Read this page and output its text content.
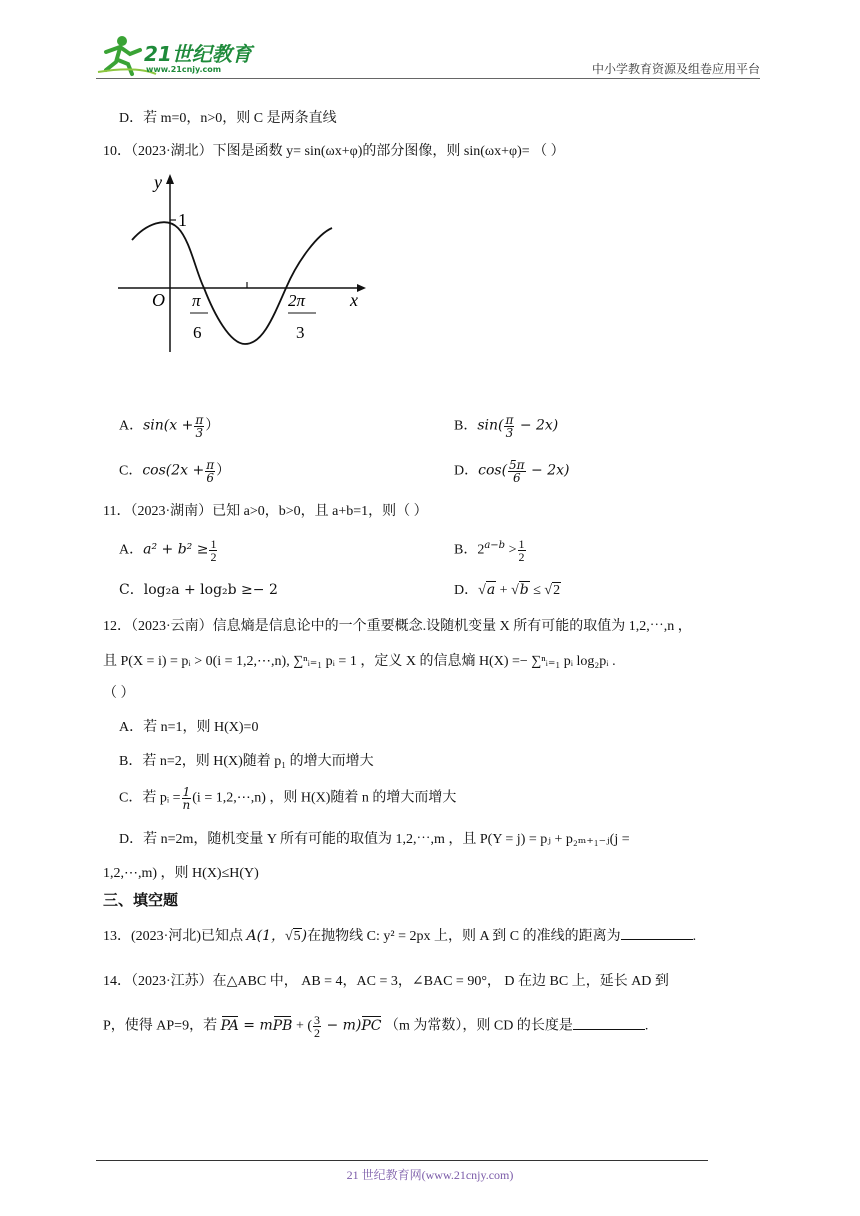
21世纪教育
www.21cnjy.com	中小学教育资源及组卷应用平台
D．若 m=0，n>0，则 C 是两条直线
10．（2023·湖北）下图是函数 y= sin(ωx+φ)的部分图像，则 sin(ωx+φ)= （ ）
y
x
O
1
π
6
2π
3
A．$\sin(x + \frac{\pi}{3}$ ）	B．$\sin( \frac{\pi}{3} - 2x)$
C．$\cos(2x + \frac{\pi}{6}$ ）	D．$\cos( \frac{5\pi}{6} - 2x)$
11．（2023·湖南）已知 a>0，b>0，且 a+b=1，则（ ）
A．$a^2 + b^2 \ge \frac{1}{2}$	B．$2^{a-b} > \frac{1}{2}$
C．log₂a + log₂b ≥− 2	D．√a + √b ≤ √2
12．（2023·云南）信息熵是信息论中的一个重要概念.设随机变量 X 所有可能的取值为 1,2,⋯,n ，
且 P(X = i) = pᵢ > 0(i = 1,2,⋯,n), ∑ⁿᵢ₌₁ pᵢ = 1 ，定义 X 的信息熵 H(X) =− ∑ⁿᵢ₌₁ pᵢ log₂pᵢ .
（ ）
A．若 n=1，则 H(X)=0
B．若 n=2，则 H(X)随着 p₁ 的增大而增大
C．若 pᵢ = $\frac{1}{n} (i$ = 1,2,⋯,n) ，则 H(X)随着 n 的增大而增大
D．若 n=2m，随机变量 Y 所有可能的取值为 1,2,⋯,m ，且 P(Y = j) = pⱼ + p₂ₘ₊₁₋ⱼ(j =
1,2,⋯,m) ，则 H(X)≤H(Y)
三、填空题
13．(2023·河北)已知点 A(1，√5)在抛物线 C: y² = 2px 上，则 A 到 C 的准线的距离为	.
14．（2023·江苏）在△ABC 中， AB = 4，AC = 3，∠BAC = 90°， D 在边 BC 上，延长 AD 到
P，使得 AP=9，若 PA = mPB + ( $\frac{3}{2} - m)PC$ （m 为常数），则 CD 的长度是	.
21 世纪教育网(www.21cnjy.com)
